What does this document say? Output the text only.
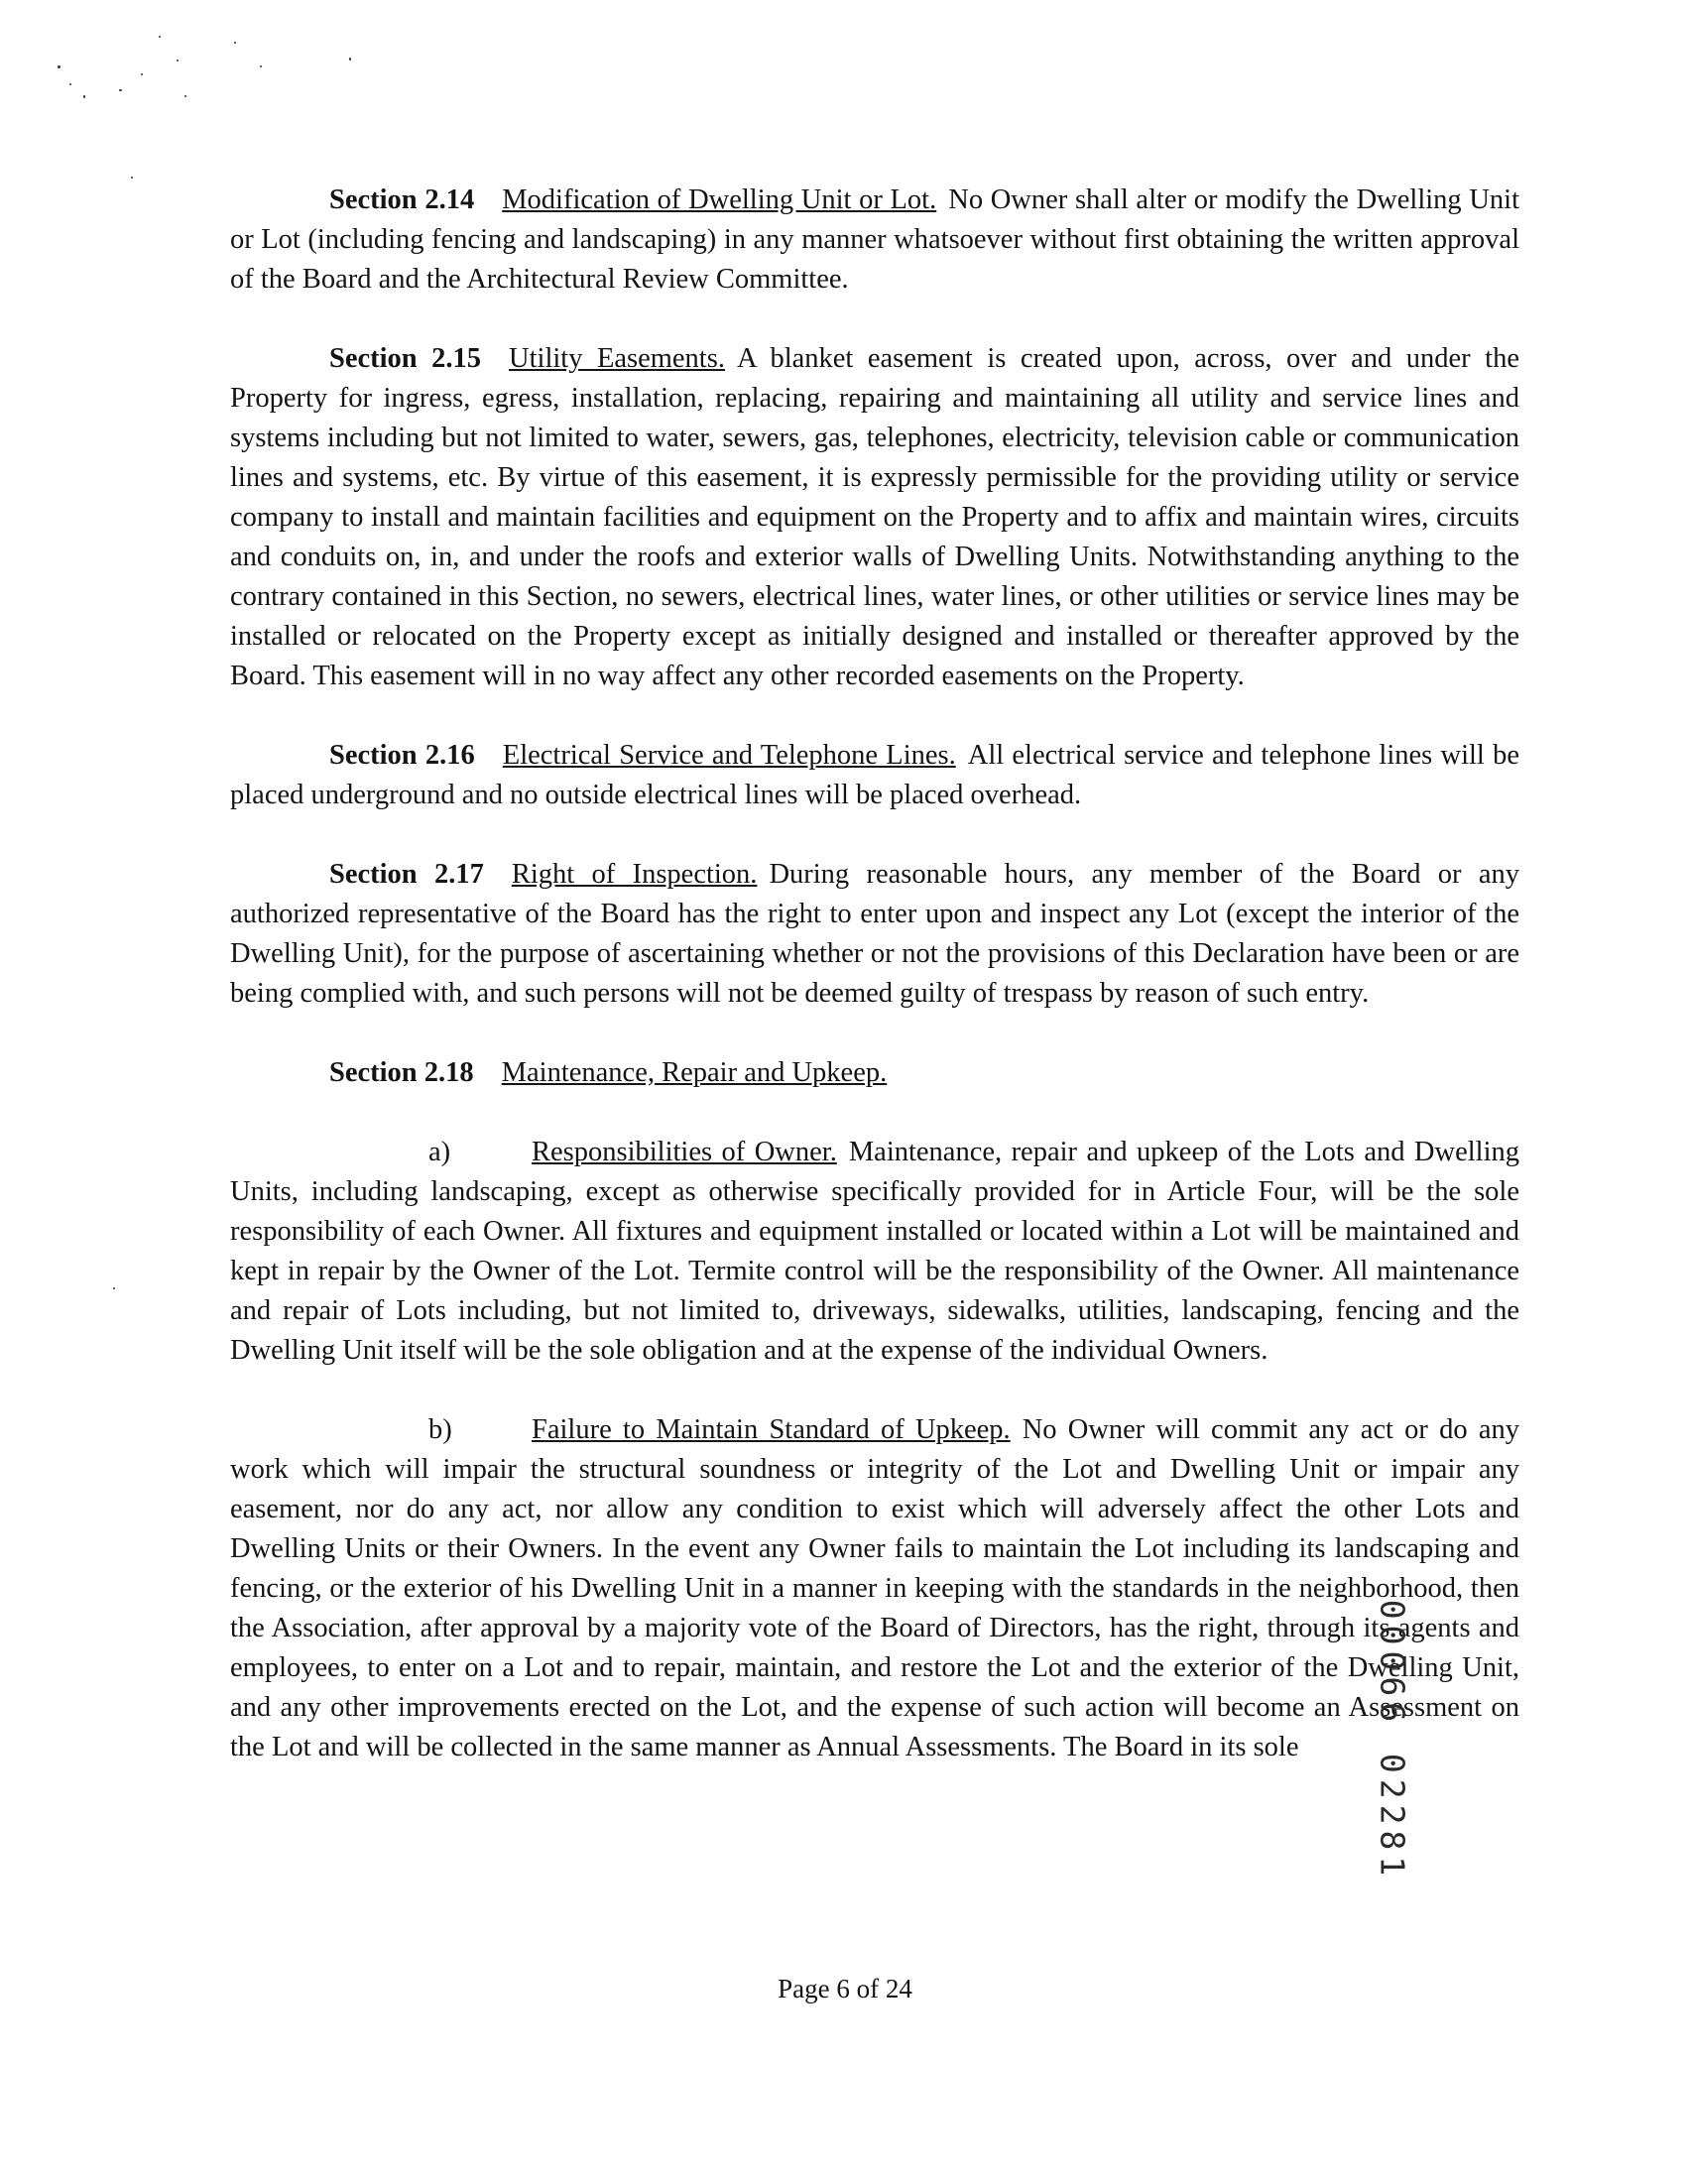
Section 2.14 Modification of Dwelling Unit or Lot. No Owner shall alter or modify the Dwelling Unit or Lot (including fencing and landscaping) in any manner whatsoever without first obtaining the written approval of the Board and the Architectural Review Committee.

Section 2.15 Utility Easements. A blanket easement is created upon, across, over and under the Property for ingress, egress, installation, replacing, repairing and maintaining all utility and service lines and systems including but not limited to water, sewers, gas, telephones, electricity, television cable or communication lines and systems, etc. By virtue of this easement, it is expressly permissible for the providing utility or service company to install and maintain facilities and equipment on the Property and to affix and maintain wires, circuits and conduits on, in, and under the roofs and exterior walls of Dwelling Units. Notwithstanding anything to the contrary contained in this Section, no sewers, electrical lines, water lines, or other utilities or service lines may be installed or relocated on the Property except as initially designed and installed or thereafter approved by the Board. This easement will in no way affect any other recorded easements on the Property.

Section 2.16 Electrical Service and Telephone Lines. All electrical service and telephone lines will be placed underground and no outside electrical lines will be placed overhead.

Section 2.17 Right of Inspection. During reasonable hours, any member of the Board or any authorized representative of the Board has the right to enter upon and inspect any Lot (except the interior of the Dwelling Unit), for the purpose of ascertaining whether or not the provisions of this Declaration have been or are being complied with, and such persons will not be deemed guilty of trespass by reason of such entry.

Section 2.18 Maintenance, Repair and Upkeep.

a)	Responsibilities of Owner. Maintenance, repair and upkeep of the Lots and Dwelling Units, including landscaping, except as otherwise specifically provided for in Article Four, will be the sole responsibility of each Owner. All fixtures and equipment installed or located within a Lot will be maintained and kept in repair by the Owner of the Lot. Termite control will be the responsibility of the Owner. All maintenance and repair of Lots including, but not limited to, driveways, sidewalks, utilities, landscaping, fencing and the Dwelling Unit itself will be the sole obligation and at the expense of the individual Owners.

b)	Failure to Maintain Standard of Upkeep. No Owner will commit any act or do any work which will impair the structural soundness or integrity of the Lot and Dwelling Unit or impair any easement, nor do any act, nor allow any condition to exist which will adversely affect the other Lots and Dwelling Units or their Owners. In the event any Owner fails to maintain the Lot including its landscaping and fencing, or the exterior of his Dwelling Unit in a manner in keeping with the standards in the neighborhood, then the Association, after approval by a majority vote of the Board of Directors, has the right, through its agents and employees, to enter on a Lot and to repair, maintain, and restore the Lot and the exterior of the Dwelling Unit, and any other improvements erected on the Lot, and the expense of such action will become an Assessment on the Lot and will be collected in the same manner as Annual Assessments. The Board in its sole	00066 02281
Page 6 of 24
